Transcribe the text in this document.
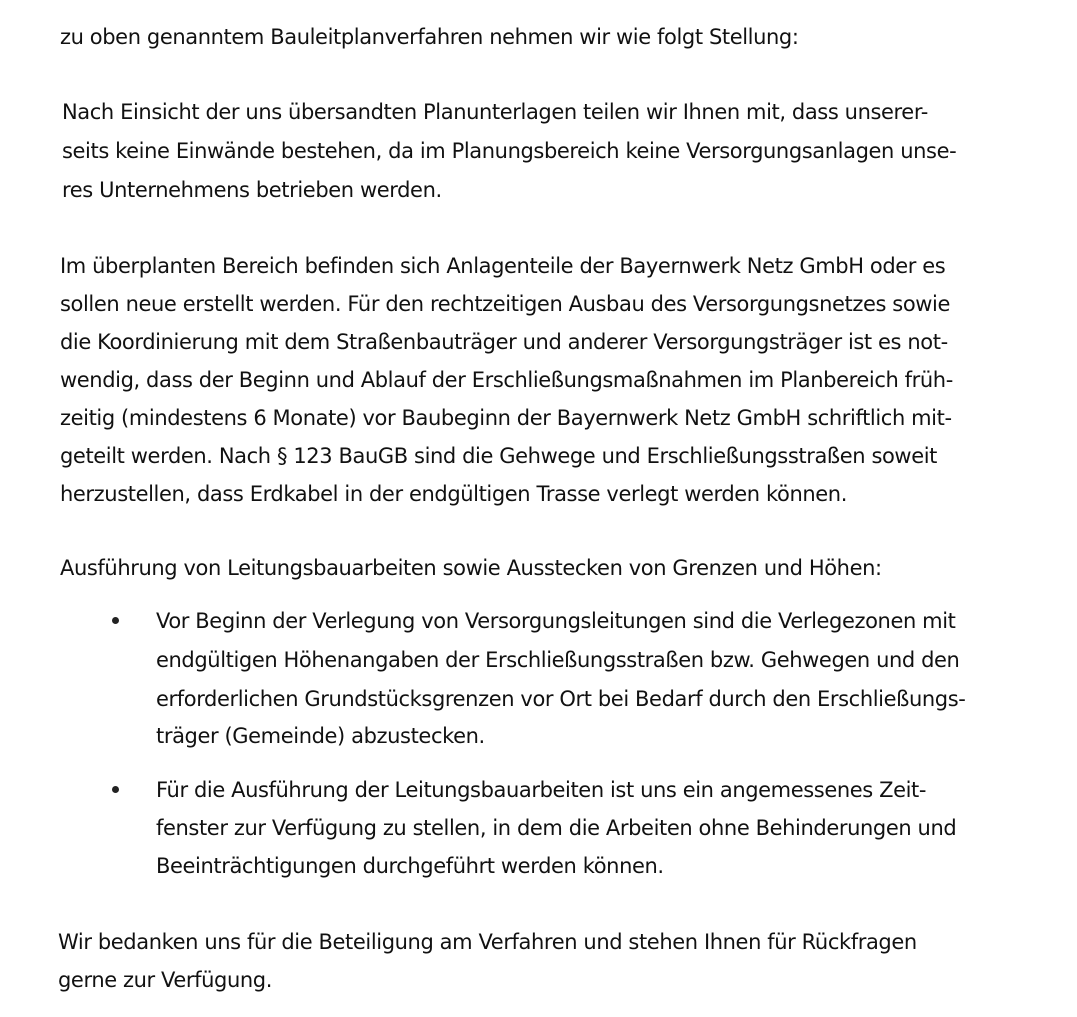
zu oben genanntem Bauleitplanverfahren nehmen wir wie folgt Stellung:
Nach Einsicht der uns übersandten Planunterlagen teilen wir Ihnen mit, dass unserer-
seits keine Einwände bestehen, da im Planungsbereich keine Versorgungsanlagen unse-
res Unternehmens betrieben werden.
Im überplanten Bereich befinden sich Anlagenteile der Bayernwerk Netz GmbH oder es
sollen neue erstellt werden. Für den rechtzeitigen Ausbau des Versorgungsnetzes sowie
die Koordinierung mit dem Straßenbauträger und anderer Versorgungsträger ist es not-
wendig, dass der Beginn und Ablauf der Erschließungsmaßnahmen im Planbereich früh-
zeitig (mindestens 6 Monate) vor Baubeginn der Bayernwerk Netz GmbH schriftlich mit-
geteilt werden. Nach § 123 BauGB sind die Gehwege und Erschließungsstraßen soweit
herzustellen, dass Erdkabel in der endgültigen Trasse verlegt werden können.
Ausführung von Leitungsbauarbeiten sowie Ausstecken von Grenzen und Höhen:
Vor Beginn der Verlegung von Versorgungsleitungen sind die Verlegezonen mit
endgültigen Höhenangaben der Erschließungsstraßen bzw. Gehwegen und den
erforderlichen Grundstücksgrenzen vor Ort bei Bedarf durch den Erschließungs-
träger (Gemeinde) abzustecken.
Für die Ausführung der Leitungsbauarbeiten ist uns ein angemessenes Zeit-
fenster zur Verfügung zu stellen, in dem die Arbeiten ohne Behinderungen und
Beeinträchtigungen durchgeführt werden können.
Wir bedanken uns für die Beteiligung am Verfahren und stehen Ihnen für Rückfragen
gerne zur Verfügung.
